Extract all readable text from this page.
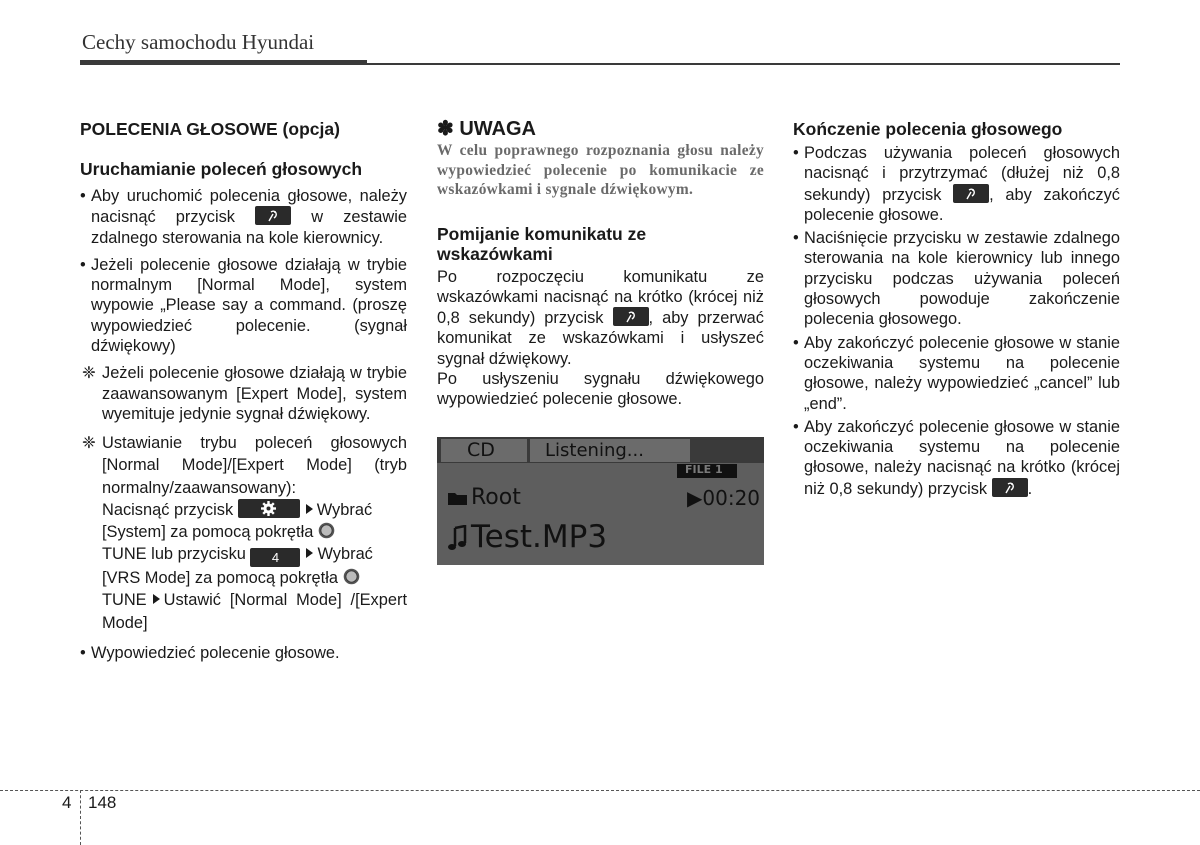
Cechy samochodu Hyundai
POLECENIA GŁOSOWE (opcja)
Uruchamianie poleceń głosowych

• Aby uruchomić polecenia głosowe, należy nacisnąć przycisk	w zestawie zdalnego sterowania na kole kierownicy.

• Jeżeli polecenie głosowe działają w trybie normalnym [Normal Mode], system wypowie „Please say a command. (proszę wypowiedzieć polecenie. (sygnał dźwiękowy)

❈ Jeżeli polecenie głosowe działają w trybie zaawansowanym [Expert Mode], system wyemituje jedynie sygnał dźwiękowy.

❈ Ustawianie trybu poleceń głosowych [Normal Mode]/[Expert Mode] (tryb normalny/zaawansowany):
Nacisnąć przycisk	Wybrać
[System] za pomocą pokrętła
TUNE lub przycisku 4 Wybrać
[VRS Mode] za pomocą pokrętła
TUNE Ustawić [Normal Mode] /[Expert Mode]

• Wypowiedzieć polecenie głosowe.

✽ UWAGA

W celu poprawnego rozpoznania głosu należy wypowiedzieć polecenie po komunikacie ze wskazówkami i sygnale dźwiękowym.

Pomijanie komunikatu ze wskazówkami

Po rozpoczęciu komunikatu ze wskazówkami nacisnąć na krótko (krócej niż 0,8 sekundy) przycisk	, aby przerwać komunikat ze wskazówkami i usłyszeć sygnał dźwiękowy.

Po usłyszeniu sygnału dźwiękowego wypowiedzieć polecenie głosowe.

CD	Listening...
FILE 1
Root	▶00:20
Test.MP3
Kończenie polecenia głosowego

• Podczas używania poleceń głosowych nacisnąć i przytrzymać (dłużej niż 0,8 sekundy) przycisk	, aby zakończyć polecenie głosowe.

• Naciśnięcie przycisku w zestawie zdalnego sterowania na kole kierownicy lub innego przycisku podczas używania poleceń głosowych powoduje zakończenie polecenia głosowego.

• Aby zakończyć polecenie głosowe w stanie oczekiwania systemu na polecenie głosowe, należy wypowiedzieć „cancel” lub „end”.

• Aby zakończyć polecenie głosowe w stanie oczekiwania systemu na polecenie głosowe, należy nacisnąć na krótko (krócej niż 0,8 sekundy) przycisk .

4 148
